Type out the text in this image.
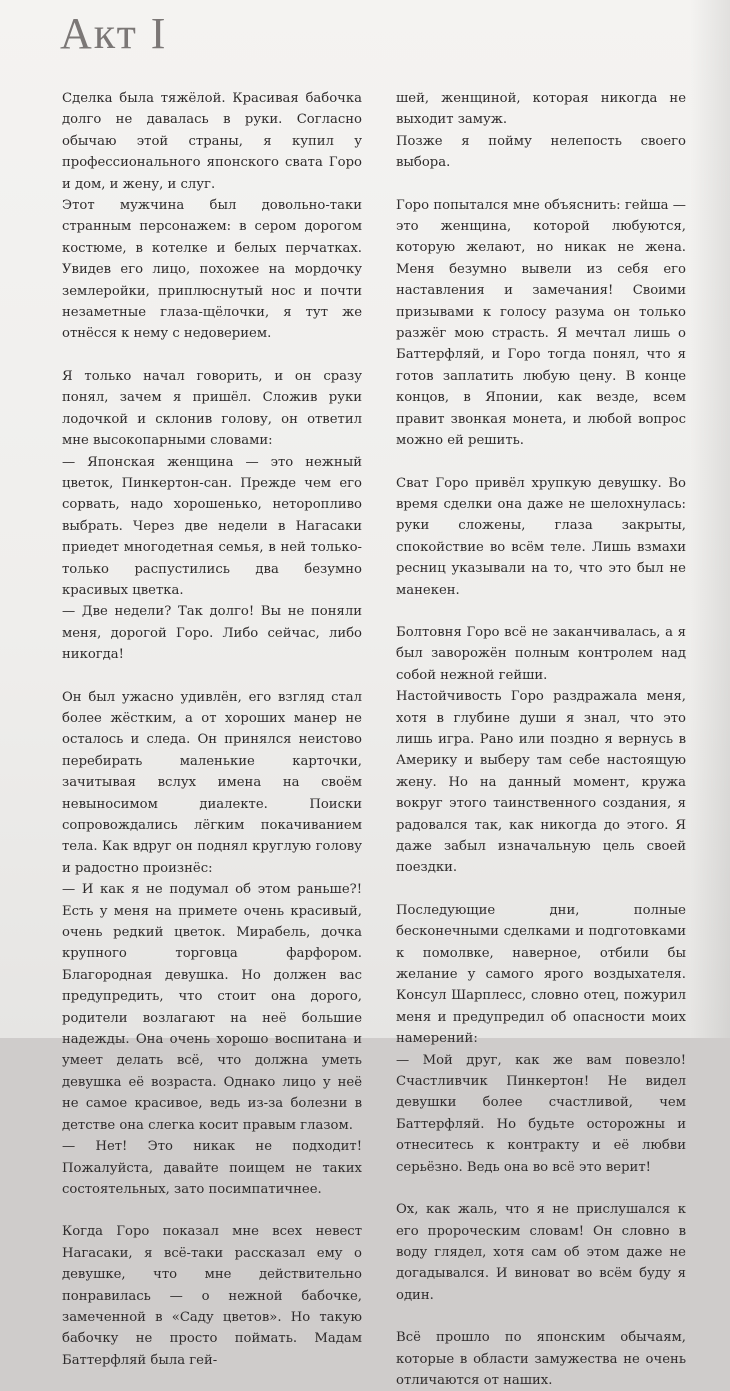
Акт I

Сделка была тяжёлой. Красивая бабочка долго не давалась в руки. Согласно обычаю этой страны, я купил у профессионального японского свата Горо и дом, и жену, и слуг.

Этот мужчина был довольно-таки странным персонажем: в сером дорогом костюме, в котелке и белых перчатках. Увидев его лицо, похожее на мордочку землеройки, приплюснутый нос и почти незаметные глаза-щёлочки, я тут же отнёсся к нему с недоверием.

Я только начал говорить, и он сразу понял, зачем я пришёл. Сложив руки лодочкой и склонив голову, он ответил мне высокопарными словами:

— Японская женщина — это нежный цветок, Пинкертон-сан. Прежде чем его сорвать, надо хорошенько, неторопливо выбрать. Через две недели в Нагасаки приедет многодетная семья, в ней только-только распустились два безумно красивых цветка.

— Две недели? Так долго! Вы не поняли меня, дорогой Горо. Либо сейчас, либо никогда!

Он был ужасно удивлён, его взгляд стал более жёстким, а от хороших манер не осталось и следа. Он принялся неистово перебирать маленькие карточки, зачитывая вслух имена на своём невыносимом диалекте. Поиски сопровождались лёгким покачиванием тела. Как вдруг он поднял круглую голову и радостно произнёс:

— И как я не подумал об этом раньше?! Есть у меня на примете очень красивый, очень редкий цветок. Мирабель, дочка крупного торговца фарфором. Благородная девушка. Но должен вас предупредить, что стоит она дорого, родители возлагают на неё большие надежды. Она очень хорошо воспитана и умеет делать всё, что должна уметь девушка её возраста. Однако лицо у неё не самое красивое, ведь из-за болезни в детстве она слегка косит правым глазом.

— Нет! Это никак не подходит! Пожалуйста, давайте поищем не таких состоятельных, зато посимпатичнее.

Когда Горо показал мне всех невест Нагасаки, я всё-таки рассказал ему о девушке, что мне действительно понравилась — о нежной бабочке, замеченной в «Саду цветов». Но такую бабочку не просто поймать. Мадам Баттерфляй была гей-

шей, женщиной, которая никогда не выходит замуж.

Позже я пойму нелепость своего выбора.

Горо попытался мне объяснить: гейша — это женщина, которой любуются, которую желают, но никак не жена. Меня безумно вывели из себя его наставления и замечания! Своими призывами к голосу разума он только разжёг мою страсть. Я мечтал лишь о Баттерфляй, и Горо тогда понял, что я готов заплатить любую цену. В конце концов, в Японии, как везде, всем правит звонкая монета, и любой вопрос можно ей решить.

Сват Горо привёл хрупкую девушку. Во время сделки она даже не шелохнулась: руки сложены, глаза закрыты, спокойствие во всём теле. Лишь взмахи ресниц указывали на то, что это был не манекен.

Болтовня Горо всё не заканчивалась, а я был заворожён полным контролем над собой нежной гейши.

Настойчивость Горо раздражала меня, хотя в глубине души я знал, что это лишь игра. Рано или поздно я вернусь в Америку и выберу там себе настоящую жену. Но на данный момент, кружа вокруг этого таинственного создания, я радовался так, как никогда до этого. Я даже забыл изначальную цель своей поездки.

Последующие дни, полные бесконечными сделками и подготовками к помолвке, наверное, отбили бы желание у самого ярого воздыхателя. Консул Шарплесс, словно отец, пожурил меня и предупредил об опасности моих намерений:

— Мой друг, как же вам повезло! Счастливчик Пинкертон! Не видел девушки более счастливой, чем Баттерфляй. Но будьте осторожны и отнеситесь к контракту и её любви серьёзно. Ведь она во всё это верит!

Ох, как жаль, что я не прислушался к его пророческим словам! Он словно в воду глядел, хотя сам об этом даже не догадывался. И виноват во всём буду я один.

Всё прошло по японским обычаям, которые в области замужества не очень отличаются от наших.
